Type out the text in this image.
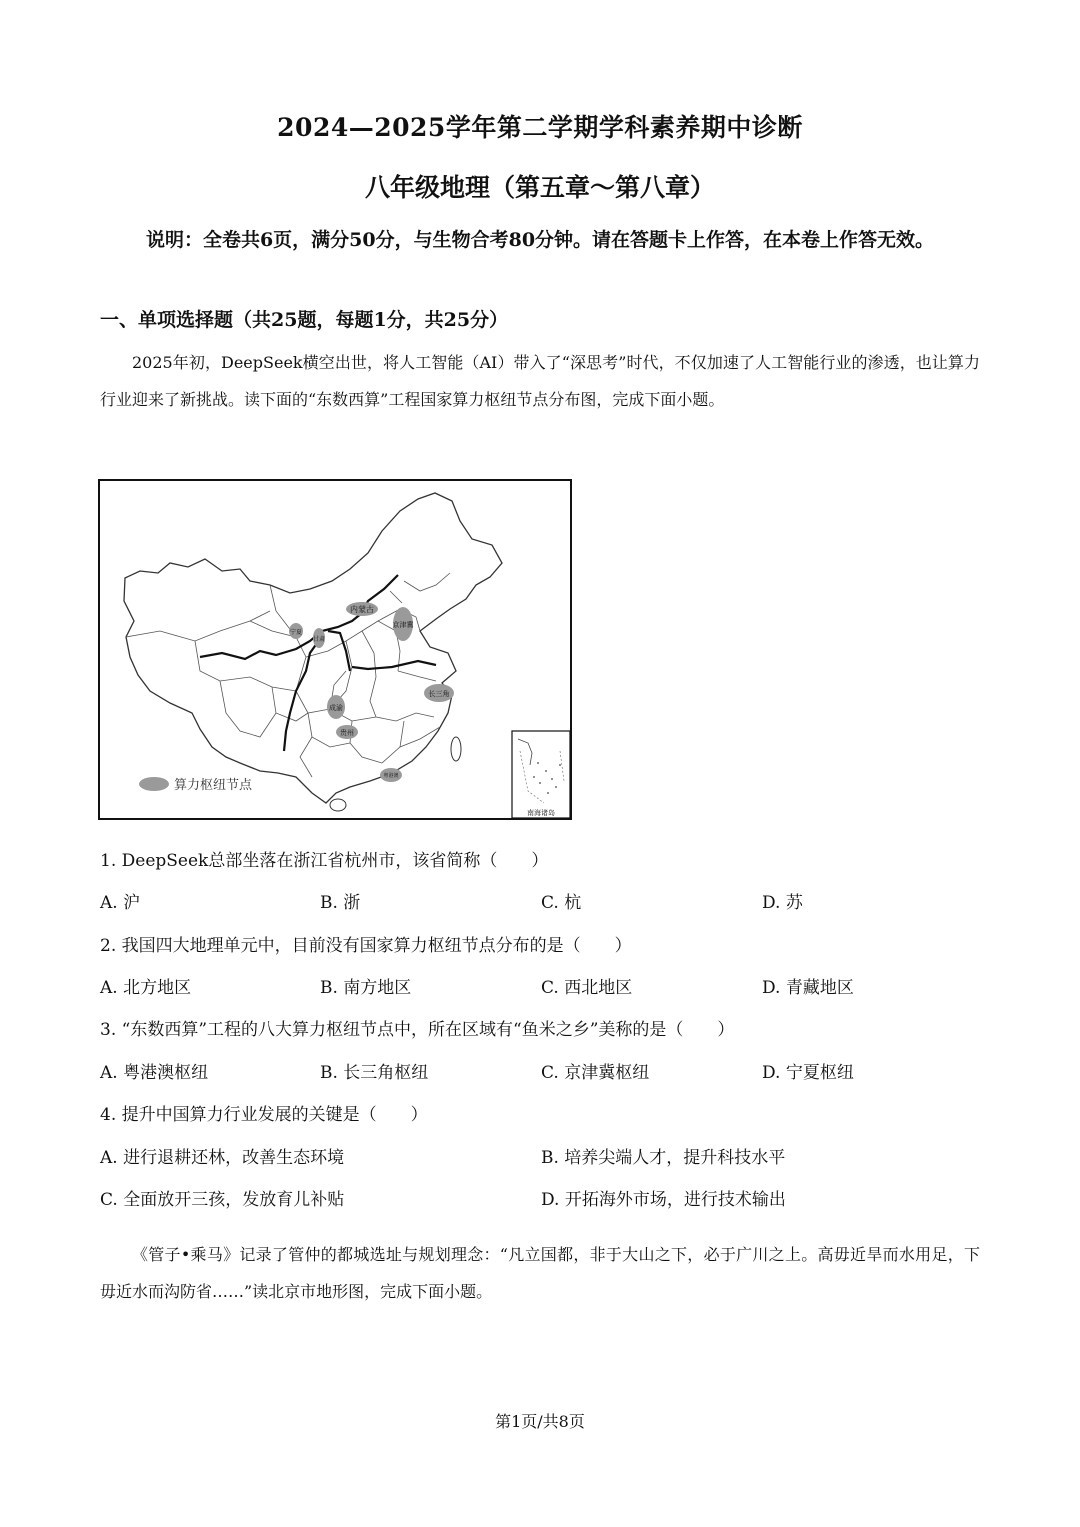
2024—2025学年第二学期学科素养期中诊断
八年级地理（第五章～第八章）
说明：全卷共6页，满分50分，与生物合考80分钟。请在答题卡上作答，在本卷上作答无效。
一、单项选择题（共25题，每题1分，共25分）
2025年初，DeepSeek横空出世，将人工智能（AI）带入了“深思考”时代，不仅加速了人工智能行业的渗透，也让算力行业迎来了新挑战。读下面的“东数西算”工程国家算力枢纽节点分布图，完成下面小题。
内蒙古
京津冀
宁夏
甘肃
成渝
贵州
长三角
粤港澳
算力枢纽节点
南海诸岛
1. DeepSeek总部坐落在浙江省杭州市，该省简称（　　）
A. 沪	B. 浙	C. 杭	D. 苏
2. 我国四大地理单元中，目前没有国家算力枢纽节点分布的是（　　）
A. 北方地区	B. 南方地区	C. 西北地区	D. 青藏地区
3. “东数西算”工程的八大算力枢纽节点中，所在区域有“鱼米之乡”美称的是（　　）
A. 粤港澳枢纽	B. 长三角枢纽	C. 京津冀枢纽	D. 宁夏枢纽
4. 提升中国算力行业发展的关键是（　　）
A. 进行退耕还林，改善生态环境	B. 培养尖端人才，提升科技水平
C. 全面放开三孩，发放育儿补贴	D. 开拓海外市场，进行技术输出
《管子•乘马》记录了管仲的都城选址与规划理念：“凡立国都，非于大山之下，必于广川之上。高毋近旱而水用足，下毋近水而沟防省……”读北京市地形图，完成下面小题。
第1页/共8页
